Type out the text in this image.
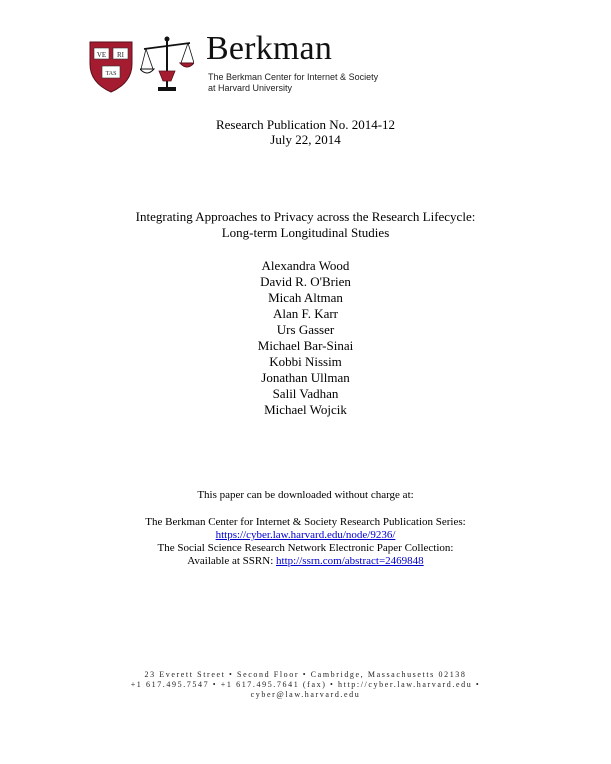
VE RI
TAS
Berkman
The Berkman Center for Internet & Society
at Harvard University
Research Publication No. 2014-12
July 22, 2014
Integrating Approaches to Privacy across the Research Lifecycle:
Long-term Longitudinal Studies
Alexandra Wood
David R. O'Brien
Micah Altman
Alan F. Karr
Urs Gasser
Michael Bar-Sinai
Kobbi Nissim
Jonathan Ullman
Salil Vadhan
Michael Wojcik
This paper can be downloaded without charge at:
The Berkman Center for Internet & Society Research Publication Series:
https://cyber.law.harvard.edu/node/9236/
The Social Science Research Network Electronic Paper Collection:
Available at SSRN: http://ssrn.com/abstract=2469848
23 Everett Street • Second Floor • Cambridge, Massachusetts 02138
+1 617.495.7547 • +1 617.495.7641 (fax) • http://cyber.law.harvard.edu •
cyber@law.harvard.edu
